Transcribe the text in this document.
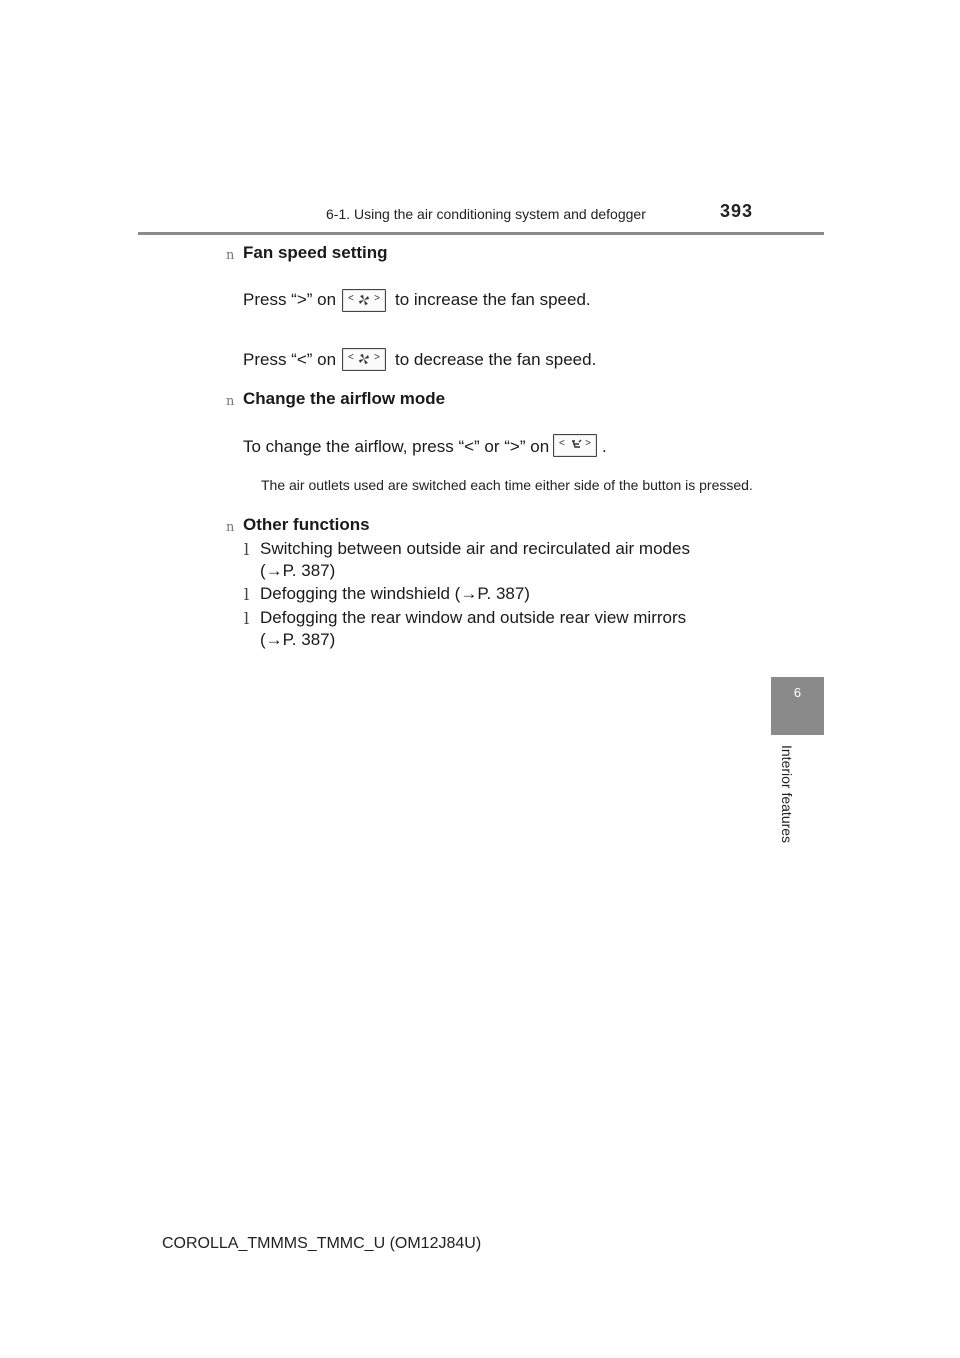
6-1. Using the air conditioning system and defogger	393
6
Interior features
n Fan speed setting
Press “>” on < > to increase the fan speed.
Press “<” on < > to decrease the fan speed.
n Change the airflow mode
To change the airflow, press “<” or “>” on < > .
The air outlets used are switched each time either side of the button is pressed.
n Other functions
l Switching between outside air and recirculated air modes
(→P. 387)
l Defogging the windshield (→P. 387)
l Defogging the rear window and outside rear view mirrors
(→P. 387)
COROLLA_TMMMS_TMMC_U (OM12J84U)
